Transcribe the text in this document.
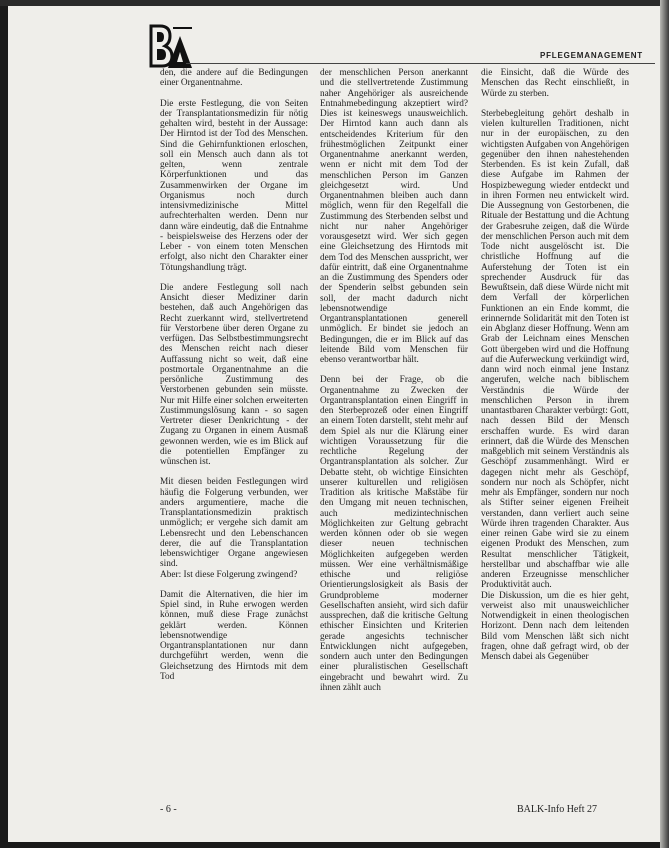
PFLEGEMANAGEMENT

den, die andere auf die Bedingungen einer Organentnahme.

Die erste Festlegung, die von Seiten der Transplantationsmedizin für nötig gehalten wird, besteht in der Aussage: Der Hirntod ist der Tod des Menschen. Sind die Gehirnfunktionen erloschen, soll ein Mensch auch dann als tot gelten, wenn zentrale Körperfunktionen und das Zusammenwirken der Organe im Organismus noch durch intensivmedizinische Mittel aufrechterhalten werden. Denn nur dann wäre eindeutig, daß die Entnahme - beispielsweise des Herzens oder der Leber - von einem toten Menschen erfolgt, also nicht den Charakter einer Tötungshandlung trägt.

Die andere Festlegung soll nach Ansicht dieser Mediziner darin bestehen, daß auch Angehörigen das Recht zuerkannt wird, stellvertretend für Verstorbene über deren Organe zu verfügen. Das Selbstbestimmungsrecht des Menschen reicht nach dieser Auffassung nicht so weit, daß eine postmortale Organentnahme an die persönliche Zustimmung des Verstorbenen gebunden sein müsste. Nur mit Hilfe einer solchen erweiterten Zustimmungslösung kann - so sagen Vertreter dieser Denkrichtung - der Zugang zu Organen in einem Ausmaß gewonnen werden, wie es im Blick auf die potentiellen Empfänger zu wünschen ist.

Mit diesen beiden Festlegungen wird häufig die Folgerung verbunden, wer anders argumentiere, mache die Transplantationsmedizin praktisch unmöglich; er vergehe sich damit am Lebensrecht und den Lebenschancen derer, die auf die Transplantation lebenswichtiger Organe angewiesen sind.
Aber: Ist diese Folgerung zwingend?

Damit die Alternativen, die hier im Spiel sind, in Ruhe erwogen werden können, muß diese Frage zunächst geklärt werden. Können lebensnotwendige Organtransplantationen nur dann durchgeführt werden, wenn die Gleichsetzung des Hirntods mit dem Tod

der menschlichen Person anerkannt und die stellvertretende Zustimmung naher Angehöriger als ausreichende Entnahmebedingung akzeptiert wird? Dies ist keineswegs unausweichlich. Der Hirntod kann auch dann als entscheidendes Kriterium für den frühestmöglichen Zeitpunkt einer Organentnahme anerkannt werden, wenn er nicht mit dem Tod der menschlichen Person im Ganzen gleichgesetzt wird. Und Organentnahmen bleiben auch dann möglich, wenn für den Regelfall die Zustimmung des Sterbenden selbst und nicht nur naher Angehöriger vorausgesetzt wird. Wer sich gegen eine Gleichsetzung des Hirntods mit dem Tod des Menschen ausspricht, wer dafür eintritt, daß eine Organentnahme an die Zustimmung des Spenders oder der Spenderin selbst gebunden sein soll, der macht dadurch nicht lebensnotwendige Organtransplantationen generell unmöglich. Er bindet sie jedoch an Bedingungen, die er im Blick auf das leitende Bild vom Menschen für ebenso verantwortbar hält.

Denn bei der Frage, ob die Organentnahme zu Zwecken der Organtransplantation einen Eingriff in den Sterbeprozeß oder einen Eingriff an einem Toten darstellt, steht mehr auf dem Spiel als nur die Klärung einer wichtigen Voraussetzung für die rechtliche Regelung der Organtransplantation als solcher. Zur Debatte steht, ob wichtige Einsichten unserer kulturellen und religiösen Tradition als kritische Maßstäbe für den Umgang mit neuen technischen, auch medizintechnischen Möglichkeiten zur Geltung gebracht werden können oder ob sie wegen dieser neuen technischen Möglichkeiten aufgegeben werden müssen. Wer eine verhältnismäßige ethische und religiöse Orientierungslosigkeit als Basis der Grundprobleme moderner Gesellschaften ansieht, wird sich dafür aussprechen, daß die kritische Geltung ethischer Einsichten und Kriterien gerade angesichts technischer Entwicklungen nicht aufgegeben, sondern auch unter den Bedingungen einer pluralistischen Gesellschaft eingebracht und bewahrt wird. Zu ihnen zählt auch

die Einsicht, daß die Würde des Menschen das Recht einschließt, in Würde zu sterben.

Sterbebegleitung gehört deshalb in vielen kulturellen Traditionen, nicht nur in der europäischen, zu den wichtigsten Aufgaben von Angehörigen gegenüber den ihnen nahestehenden Sterbenden. Es ist kein Zufall, daß diese Aufgabe im Rahmen der Hospizbewegung wieder entdeckt und in ihren Formen neu entwickelt wird. Die Aussegnung von Gestorbenen, die Rituale der Bestattung und die Achtung der Grabesruhe zeigen, daß die Würde der menschlichen Person auch mit dem Tode nicht ausgelöscht ist. Die christliche Hoffnung auf die Auferstehung der Toten ist ein sprechender Ausdruck für das Bewußtsein, daß diese Würde nicht mit dem Verfall der körperlichen Funktionen an ein Ende kommt, die erinnernde Solidarität mit den Toten ist ein Abglanz dieser Hoffnung. Wenn am Grab der Leichnam eines Menschen Gott übergeben wird und die Hoffnung auf die Auferweckung verkündigt wird, dann wird noch einmal jene Instanz angerufen, welche nach biblischem Verständnis die Würde der menschlichen Person in ihrem unantastbaren Charakter verbürgt: Gott, nach dessen Bild der Mensch erschaffen wurde. Es wird daran erinnert, daß die Würde des Menschen maßgeblich mit seinem Verständnis als Geschöpf zusammenhängt. Wird er dagegen nicht mehr als Geschöpf, sondern nur noch als Schöpfer, nicht mehr als Empfänger, sondern nur noch als Stifter seiner eigenen Freiheit verstanden, dann verliert auch seine Würde ihren tragenden Charakter. Aus einer reinen Gabe wird sie zu einem eigenen Produkt des Menschen, zum Resultat menschlicher Tätigkeit, herstellbar und abschaffbar wie alle anderen Erzeugnisse menschlicher Produktivität auch.
Die Diskussion, um die es hier geht, verweist also mit unausweichlicher Notwendigkeit in einen theologischen Horizont. Denn nach dem leitenden Bild vom Menschen läßt sich nicht fragen, ohne daß gefragt wird, ob der Mensch dabei als Gegenüber

- 6 -	BALK-Info Heft 27
